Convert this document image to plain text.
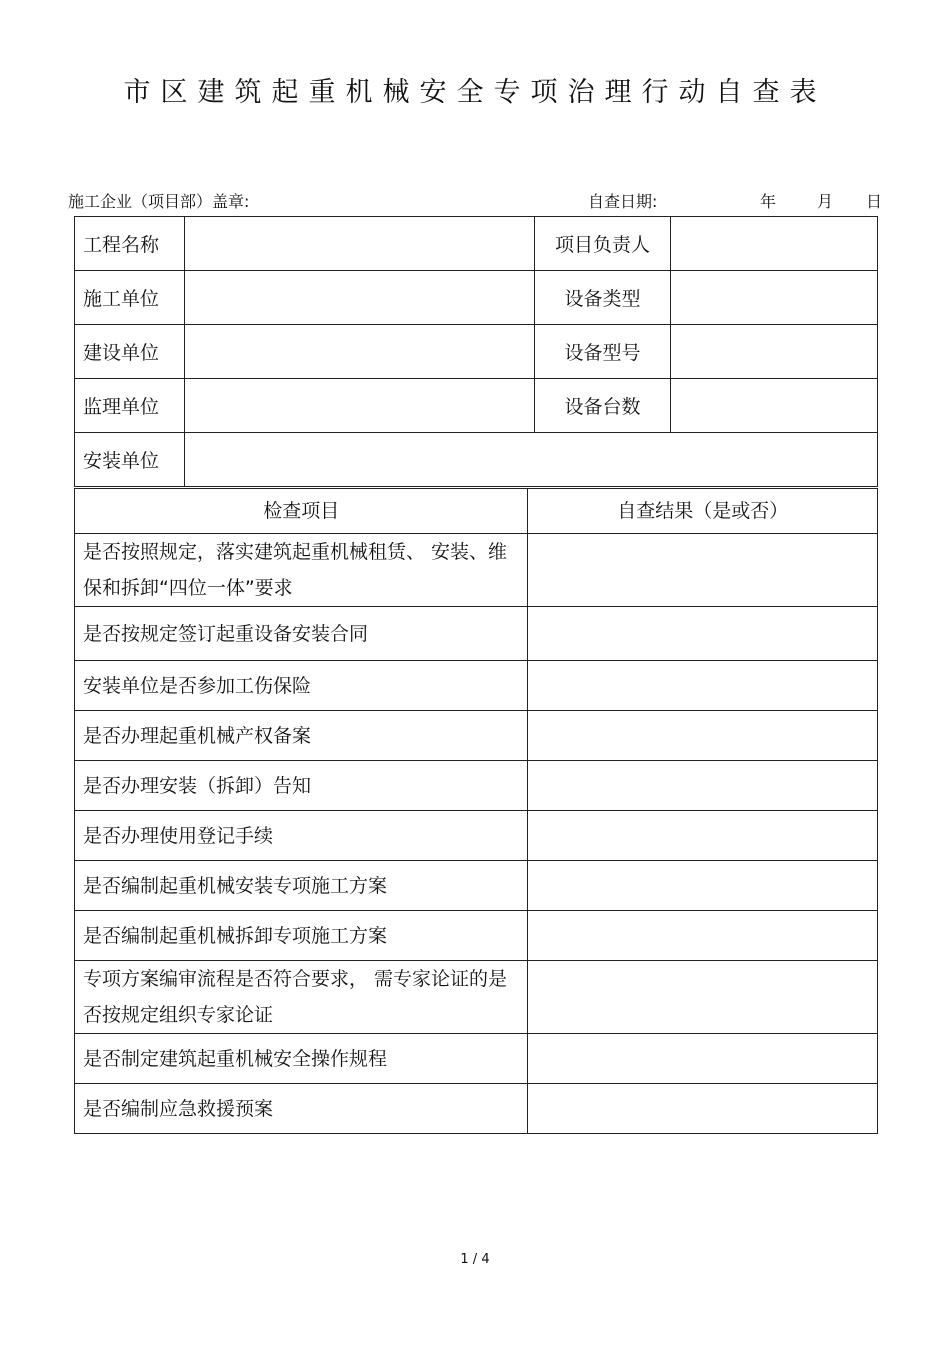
市区建筑起重机械安全专项治理行动自查表
施工企业（项目部）盖章:	自查日期:	年	月 日
工程名称		项目负责人	
施工单位		设备类型	
建设单位		设备型号	
监理单位		设备台数	
安装单位			
检查项目	自查结果（是或否）
是否按照规定，落实建筑起重机械租赁、 安装、维保和拆卸“四位一体”要求	
是否按规定签订起重设备安装合同	
安装单位是否参加工伤保险	
是否办理起重机械产权备案	
是否办理安装（拆卸）告知	
是否办理使用登记手续	
是否编制起重机械安装专项施工方案	
是否编制起重机械拆卸专项施工方案	
专项方案编审流程是否符合要求， 需专家论证的是否按规定组织专家论证	
是否制定建筑起重机械安全操作规程	
是否编制应急救援预案	
1 / 4
